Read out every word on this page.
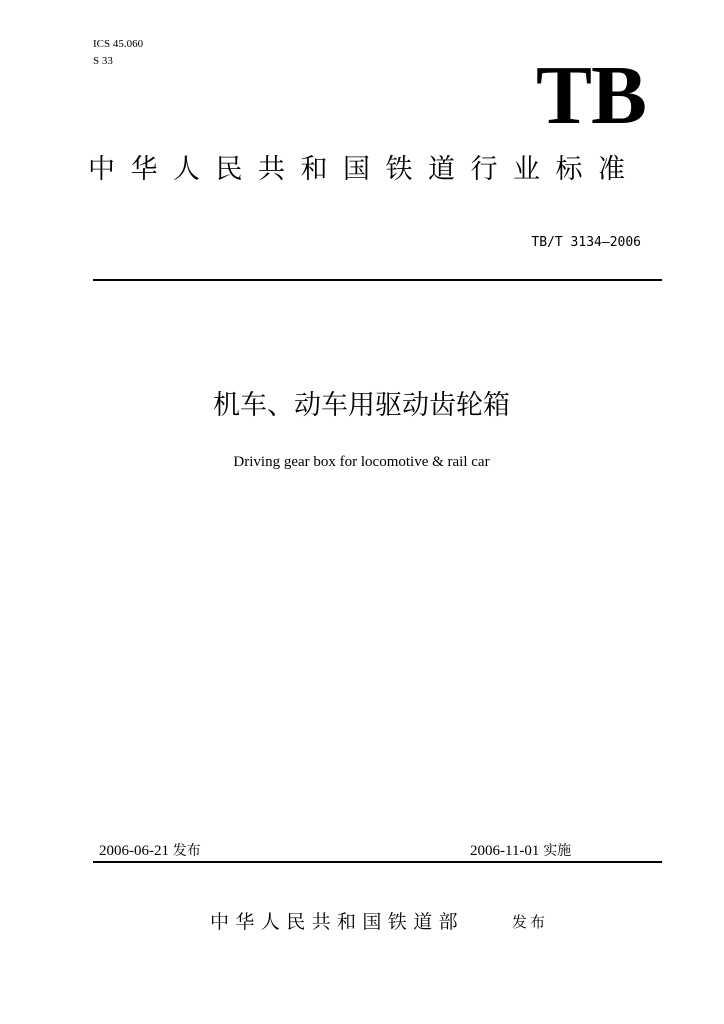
ICS 45.060
S 33	TB
中华人民共和国铁道行业标准
TB/T 3134—2006
机车、动车用驱动齿轮箱
Driving gear box for locomotive & rail car
2006-06-21 发布	2006-11-01 实施
中华人民共和国铁道部	发布
